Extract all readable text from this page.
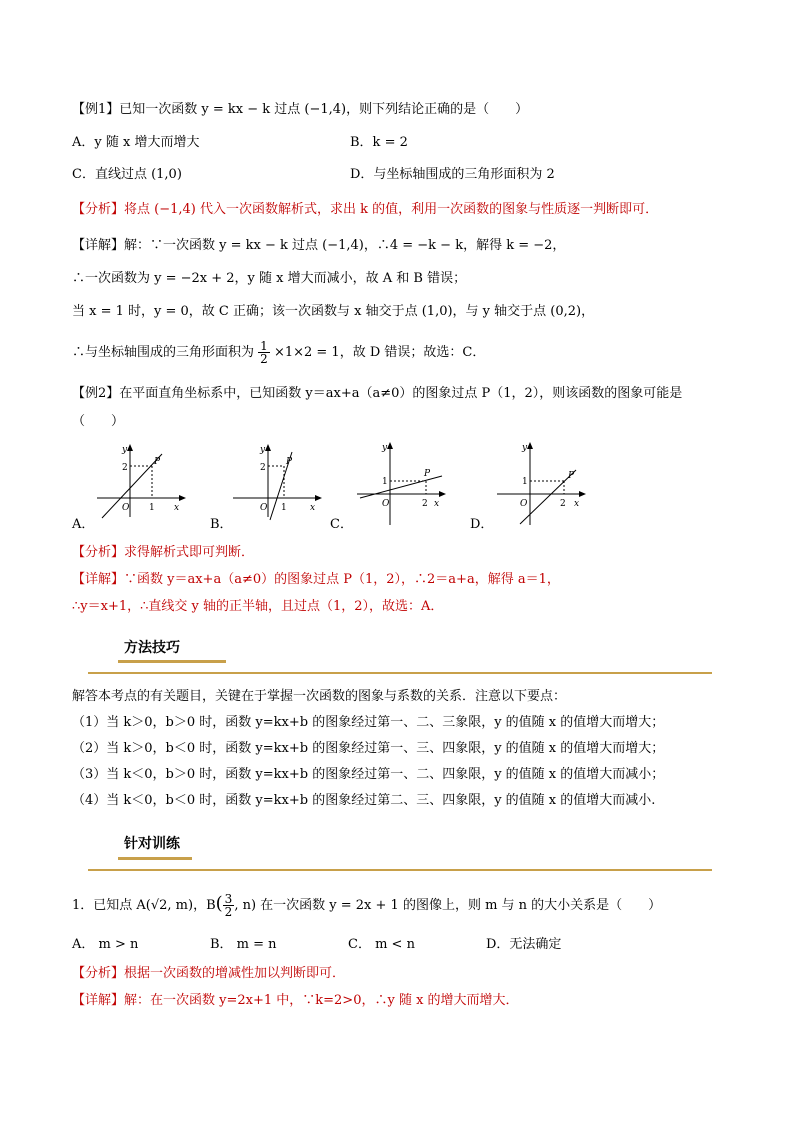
【例1】已知一次函数 y = kx − k 过点 (−1,4)，则下列结论正确的是（　　）
A．y 随 x 增大而增大	B．k = 2
C．直线过点 (1,0)	D．与坐标轴围成的三角形面积为 2
【分析】将点 (−1,4) 代入一次函数解析式，求出 k 的值，利用一次函数的图象与性质逐一判断即可．
【详解】解：∵一次函数 y = kx − k 过点 (−1,4)，∴4 = −k − k，解得 k = −2，
∴一次函数为 y = −2x + 2，y 随 x 增大而减小，故 A 和 B 错误；
当 x = 1 时，y = 0，故 C 正确；该一次函数与 x 轴交于点 (1,0)，与 y 轴交于点 (0,2)，
∴与坐标轴围成的三角形面积为 $\frac{1}{2} \times 1\times 2 = 1$，故 D 错误；故选：C．
【例2】在平面直角坐标系中，已知函数 y＝ax+a（a≠0）的图象过点 P（1，2），则该函数的图象可能是
（　　）
y
2
P
O 1 x
A．
y
2
P
O 1	x
B．
y
1
P
O	2 x
C．
y
1
P
O	2 x
D．
【分析】求得解析式即可判断．
【详解】∵函数 y＝ax+a（a≠0）的图象过点 P（1，2），∴2＝a+a，解得 a＝1，
∴y＝x+1，∴直线交 y 轴的正半轴，且过点（1，2），故选：A．
方法技巧
解答本考点的有关题目，关键在于掌握一次函数的图象与系数的关系．注意以下要点：
（1）当 k＞0，b＞0 时，函数 y=kx+b 的图象经过第一、二、三象限，y 的值随 x 的值增大而增大；
（2）当 k＞0，b＜0 时，函数 y=kx+b 的图象经过第一、三、四象限，y 的值随 x 的值增大而增大；
（3）当 k＜0，b＞0 时，函数 y=kx+b 的图象经过第一、二、四象限，y 的值随 x 的值增大而减小；
（4）当 k＜0，b＜0 时，函数 y=kx+b 的图象经过第二、三、四象限，y 的值随 x 的值增大而减小.
针对训练
1．已知点 A(√2, m)，$B( \frac{3}{2}$ , n) 在一次函数 y = 2x + 1 的图像上，则 m 与 n 的大小关系是（　　）
A． m > n	B． m = n	C． m < n	D．无法确定
【分析】根据一次函数的增减性加以判断即可．
【详解】解：在一次函数 y=2x+1 中，∵k=2>0，∴y 随 x 的增大而增大．
